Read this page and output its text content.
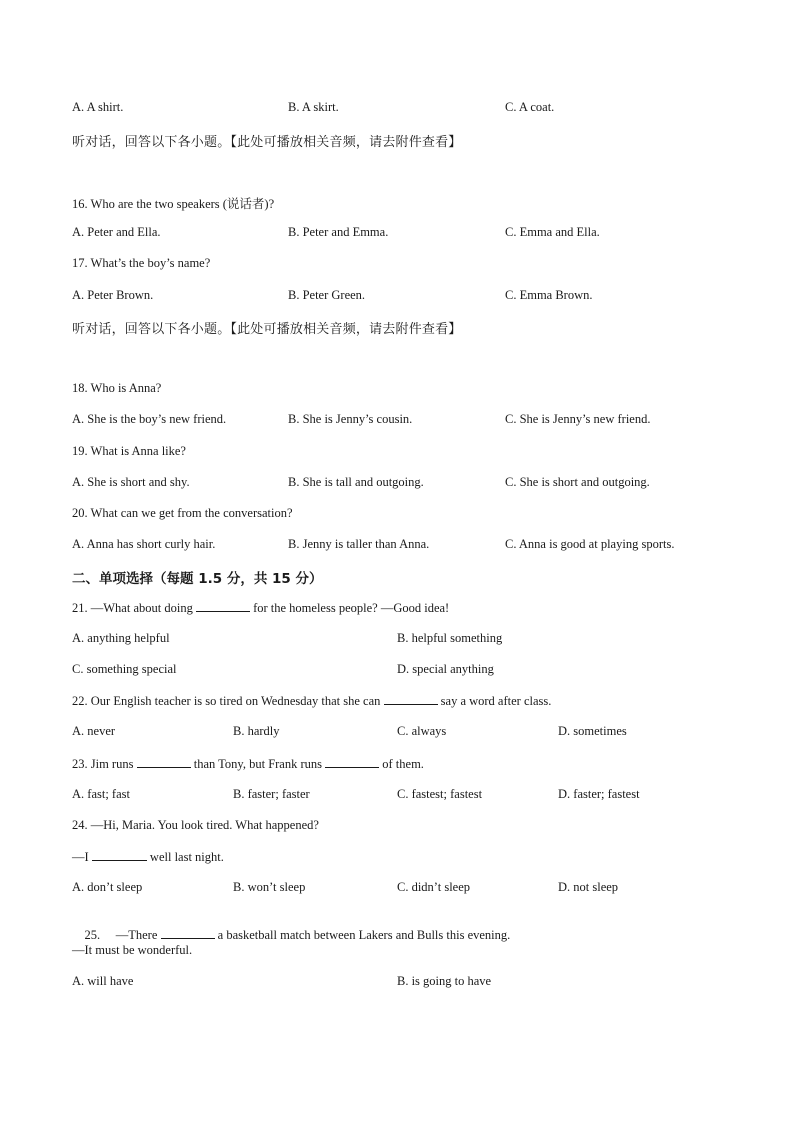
A. A shirt.	B. A skirt.	C. A coat.
听对话，回答以下各小题。【此处可播放相关音频，请去附件查看】
16. Who are the two speakers (说话者)?
A. Peter and Ella.	B. Peter and Emma.	C. Emma and Ella.
17. What’s the boy’s name?
A. Peter Brown.	B. Peter Green.	C. Emma Brown.
听对话，回答以下各小题。【此处可播放相关音频，请去附件查看】
18. Who is Anna?
A. She is the boy’s new friend.	B. She is Jenny’s cousin.	C. She is Jenny’s new friend.
19. What is Anna like?
A. She is short and shy.	B. She is tall and outgoing.	C. She is short and outgoing.
20. What can we get from the conversation?
A. Anna has short curly hair.	B. Jenny is taller than Anna.	C. Anna is good at playing sports.
二、单项选择（每题 1.5 分，共 15 分）
21. —What about doing	for the homeless people? —Good idea!
A. anything helpful	B. helpful something
C. something special	D. special anything
22. Our English teacher is so tired on Wednesday that she can	say a word after class.
A. never	B. hardly	C. always	D. sometimes
23. Jim runs	than Tony, but Frank runs	of them.
A. fast; fast	B. faster; faster	C. fastest; fastest	D. faster; fastest
24. —Hi, Maria. You look tired. What happened?
—I	well last night.
A. don’t sleep	B. won’t sleep	C. didn’t sleep	D. not sleep

25.     —There	a basketball match between Lakers and Bulls this evening.

—It must be wonderful.
A. will have	B. is going to have
